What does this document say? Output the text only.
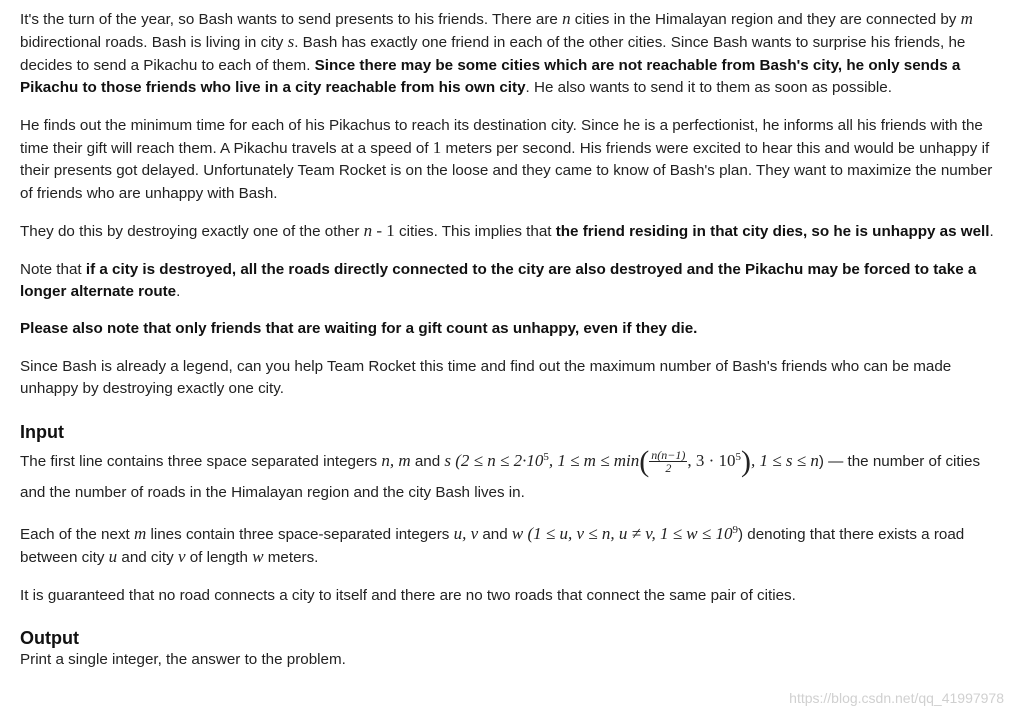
It's the turn of the year, so Bash wants to send presents to his friends. There are n cities in the Himalayan region and they are connected by m bidirectional roads. Bash is living in city s. Bash has exactly one friend in each of the other cities. Since Bash wants to surprise his friends, he decides to send a Pikachu to each of them. Since there may be some cities which are not reachable from Bash's city, he only sends a Pikachu to those friends who live in a city reachable from his own city. He also wants to send it to them as soon as possible.

He finds out the minimum time for each of his Pikachus to reach its destination city. Since he is a perfectionist, he informs all his friends with the time their gift will reach them. A Pikachu travels at a speed of 1 meters per second. His friends were excited to hear this and would be unhappy if their presents got delayed. Unfortunately Team Rocket is on the loose and they came to know of Bash's plan. They want to maximize the number of friends who are unhappy with Bash.

They do this by destroying exactly one of the other n - 1 cities. This implies that the friend residing in that city dies, so he is unhappy as well.

Note that if a city is destroyed, all the roads directly connected to the city are also destroyed and the Pikachu may be forced to take a longer alternate route.

Please also note that only friends that are waiting for a gift count as unhappy, even if they die.

Since Bash is already a legend, can you help Team Rocket this time and find out the maximum number of Bash's friends who can be made unhappy by destroying exactly one city.

Input

The first line contains three space separated integers n, m and s ($2 \le n \le 2\cdot 10^5$, $1 \le m \le \min( \frac{n(n-1)}{2}$ , $3 \cdot 10^5$), 1 ≤ s ≤ n) — the number of cities and the number of roads in the Himalayan region and the city Bash lives in.

Each of the next m lines contain three space-separated integers u, v and w (1 ≤ u, v ≤ n, u ≠ v, $1 \le w \le 10^9$) denoting that there exists a road between city u and city v of length w meters.

It is guaranteed that no road connects a city to itself and there are no two roads that connect the same pair of cities.

Output

Print a single integer, the answer to the problem.

https://blog.csdn.net/qq_41997978
